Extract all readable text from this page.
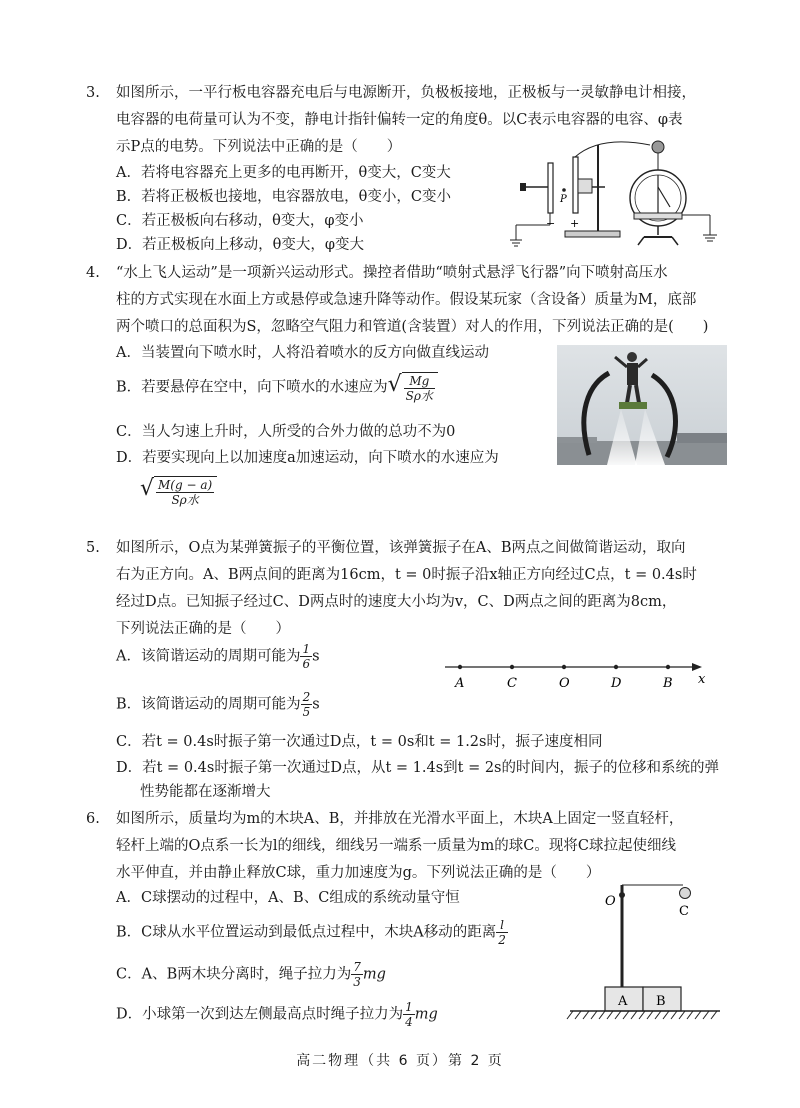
3. 如图所示，一平行板电容器充电后与电源断开，负极板接地，正极板与一灵敏静电计相接，
电容器的电荷量可认为不变，静电计指针偏转一定的角度θ。以C表示电容器的电容、φ表
示P点的电势。下列说法中正确的是（　　）
A．若将电容器充上更多的电再断开，θ变大，C变大
B．若将正极板也接地，电容器放电，θ变小，C变小
C．若正极板向右移动，θ变大，φ变小
D．若正极板向上移动，θ变大，φ变大
−
P
+
4. “水上飞人运动”是一项新兴运动形式。操控者借助“喷射式悬浮飞行器”向下喷射高压水
柱的方式实现在水面上方或悬停或急速升降等动作。假设某玩家（含设备）质量为M，底部
两个喷口的总面积为S，忽略空气阻力和管道(含装置）对人的作用，下列说法正确的是(　　)
A．当装置向下喷水时，人将沿着喷水的反方向做直线运动
B．若要悬停在空中，向下喷水的水速应为 √ $\frac{Mg}{\text{Sρ水}}$
C．当人匀速上升时，人所受的合外力做的总功不为0
D．若要实现向上以加速度a加速运动，向下喷水的水速应为
√ $\frac{M(g - a)}{\text{Sρ水}}$
5. 如图所示，O点为某弹簧振子的平衡位置，该弹簧振子在A、B两点之间做简谐运动，取向
右为正方向。A、B两点间的距离为16cm，t = 0时振子沿x轴正方向经过C点，t = 0.4s时
经过D点。已知振子经过C、D两点时的速度大小均为v，C、D两点之间的距离为8cm，
下列说法正确的是（　　）
A．该简谐运动的周期可能为 $\frac{1}{6}$ s
B．该简谐运动的周期可能为 $\frac{2}{5}$ s
C．若t = 0.4s时振子第一次通过D点，t = 0s和t = 1.2s时，振子速度相同
D．若t = 0.4s时振子第一次通过D点，从t = 1.4s到t = 2s的时间内，振子的位移和系统的弹
性势能都在逐渐增大
A	C	O	D	B x
6. 如图所示，质量均为m的木块A、B，并排放在光滑水平面上，木块A上固定一竖直轻杆，
轻杆上端的O点系一长为l的细线，细线另一端系一质量为m的球C。现将C球拉起使细线
水平伸直，并由静止释放C球，重力加速度为g。下列说法正确的是（　　）
A．C球摆动的过程中，A、B、C组成的系统动量守恒
B．C球从水平位置运动到最低点过程中，木块A移动的距离 $\frac{l}{2}$
C．A、B两木块分离时，绳子拉力为 $\frac{7}{3}$ mg
D．小球第一次到达左侧最高点时绳子拉力为 $\frac{1}{4}$ mg
O
C
A B
高二物理（共 6 页）第 2 页
